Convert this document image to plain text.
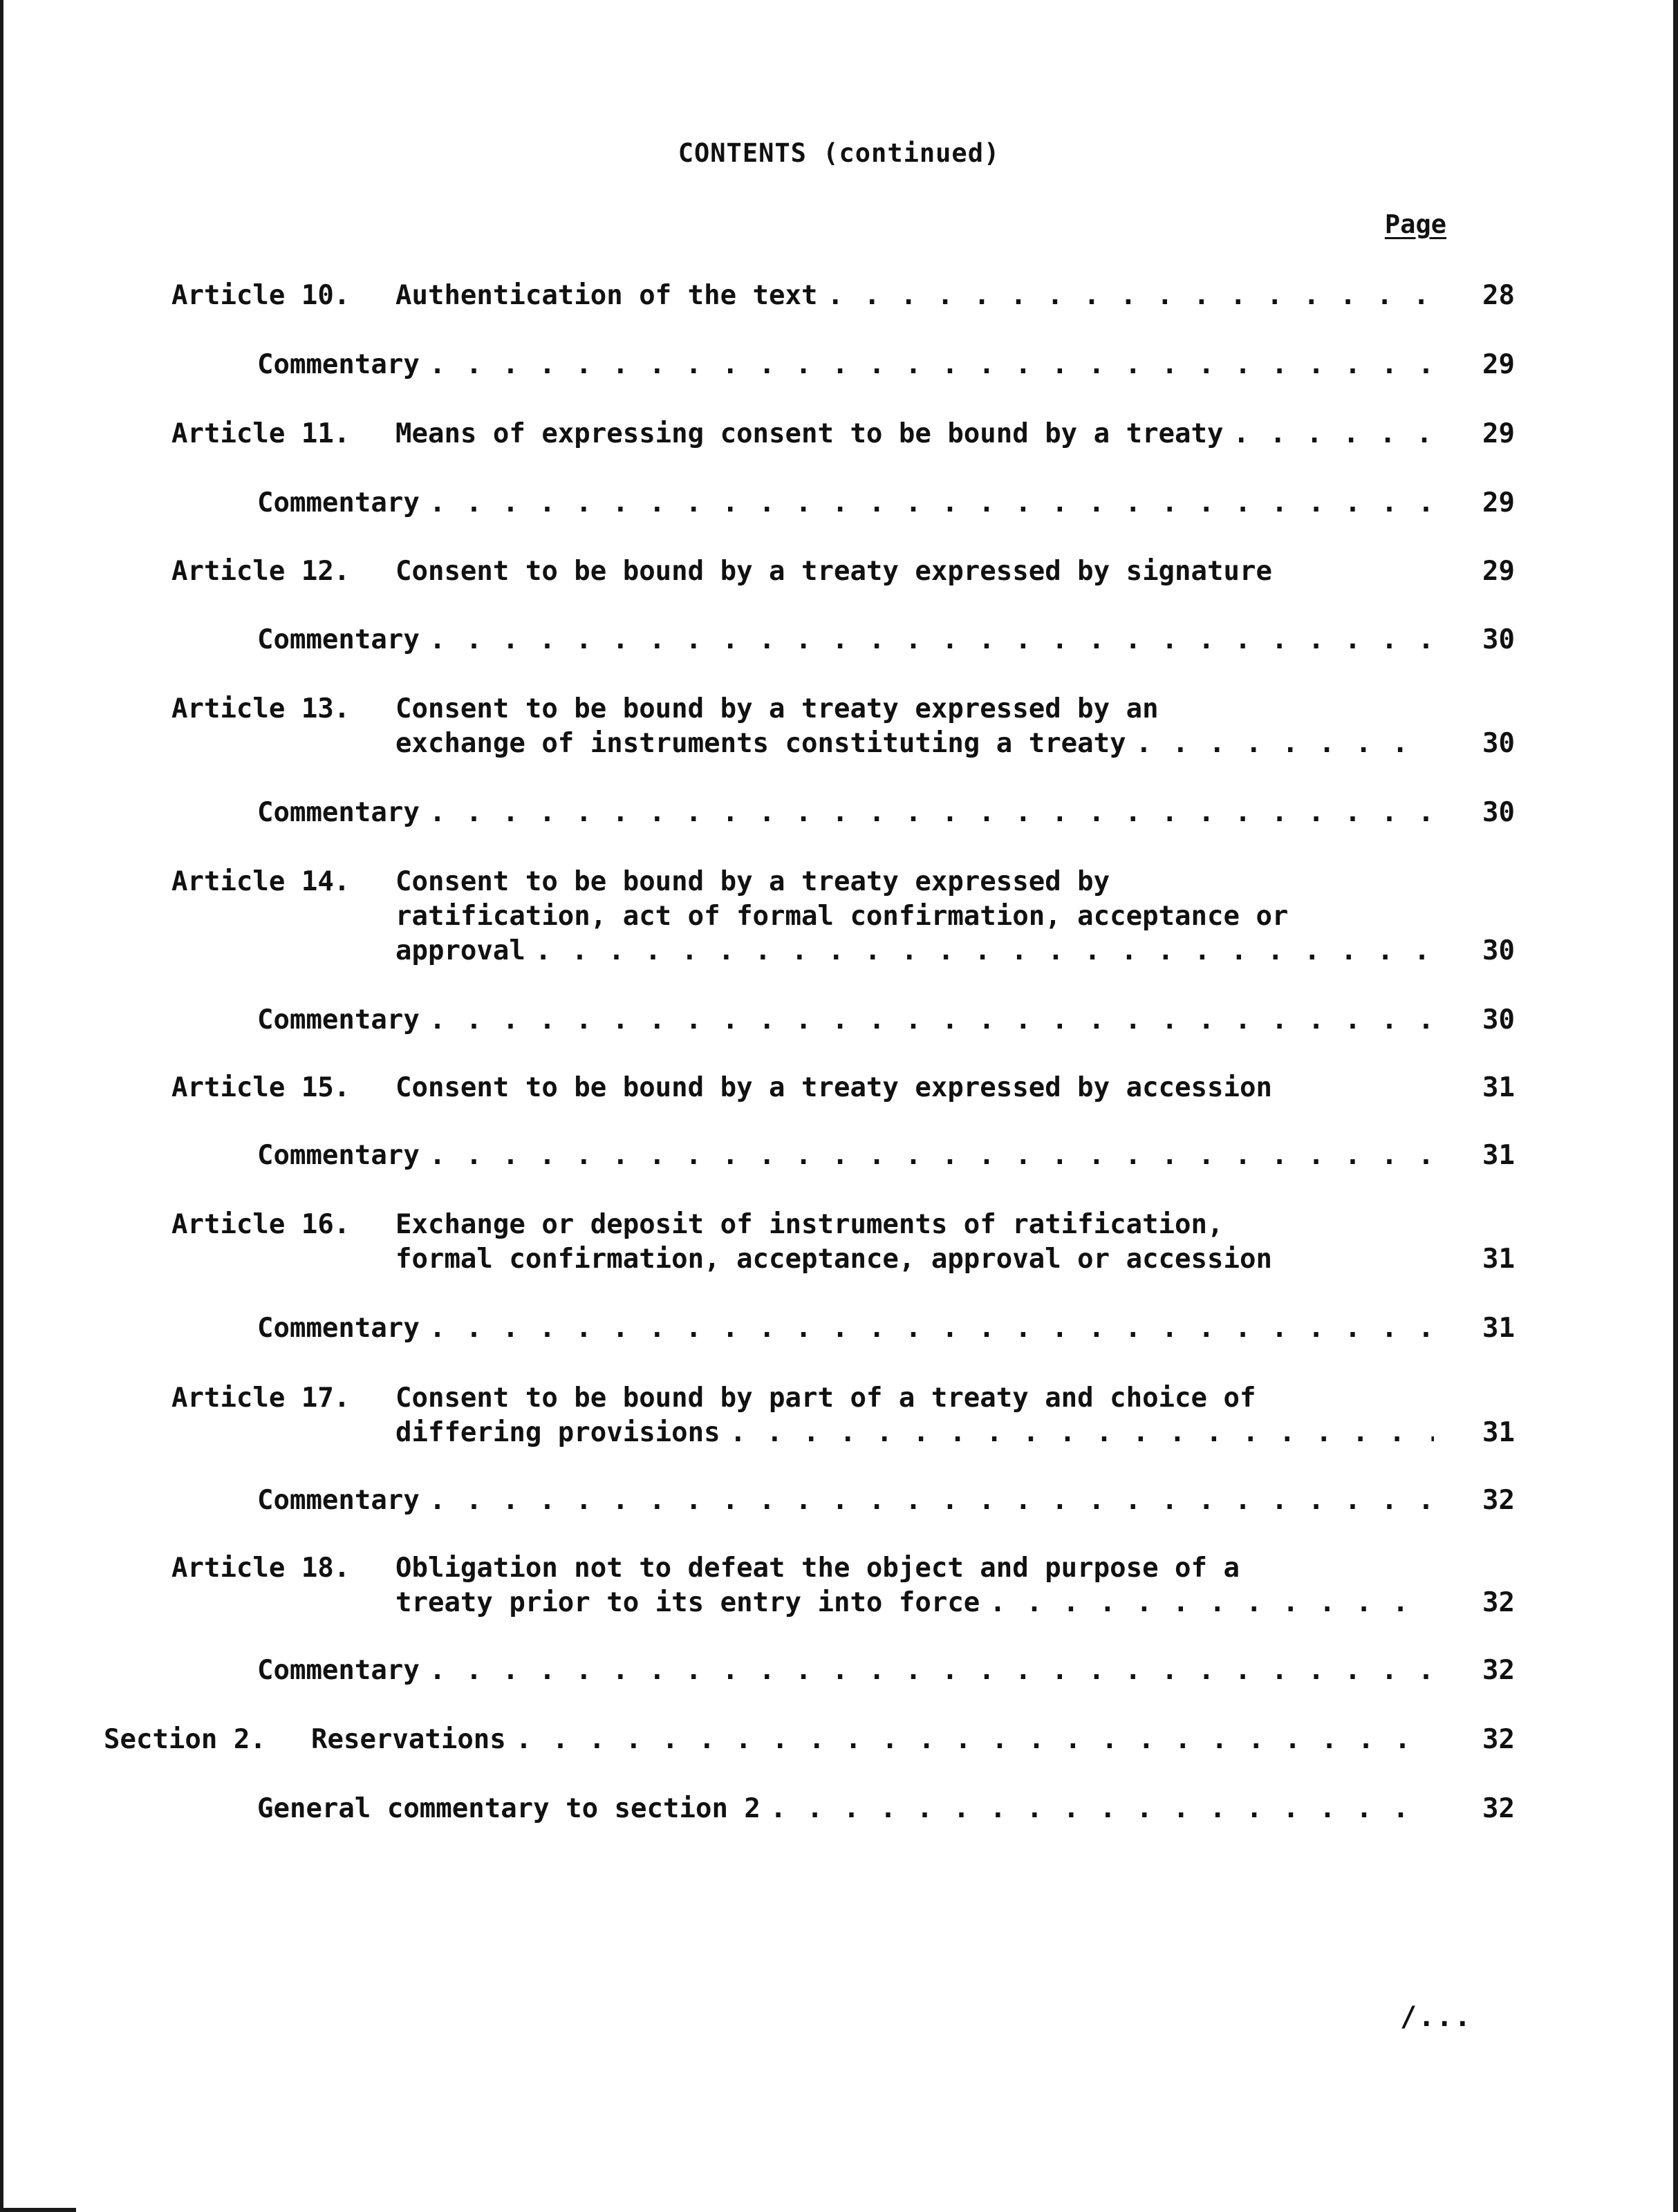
CONTENTS (continued)
Page
Article 10. Authentication of the text . . .	28
Commentary . . .	29
Article 11. Means of expressing consent to be bound by a treaty . . .	29
Commentary . . .	29
Article 12. Consent to be bound by a treaty expressed by signature	29
Commentary . . .	30
Article 13. Consent to be bound by a treaty expressed by an
exchange of instruments constituting a treaty . . .	30
Commentary . . .	30
Article 14. Consent to be bound by a treaty expressed by
ratification, act of formal confirmation, acceptance or
approval . . .	30
Commentary . . .	30
Article 15. Consent to be bound by a treaty expressed by accession	31
Commentary . . .	31
Article 16. Exchange or deposit of instruments of ratification,
formal confirmation, acceptance, approval or accession	31
Commentary . . .	31
Article 17. Consent to be bound by part of a treaty and choice of
differing provisions . . .	31
Commentary . . .	32
Article 18. Obligation not to defeat the object and purpose of a
treaty prior to its entry into force . . .	32
Commentary . . .	32
Section 2. Reservations . . .	32
General commentary to section 2 . . .	32
/...
